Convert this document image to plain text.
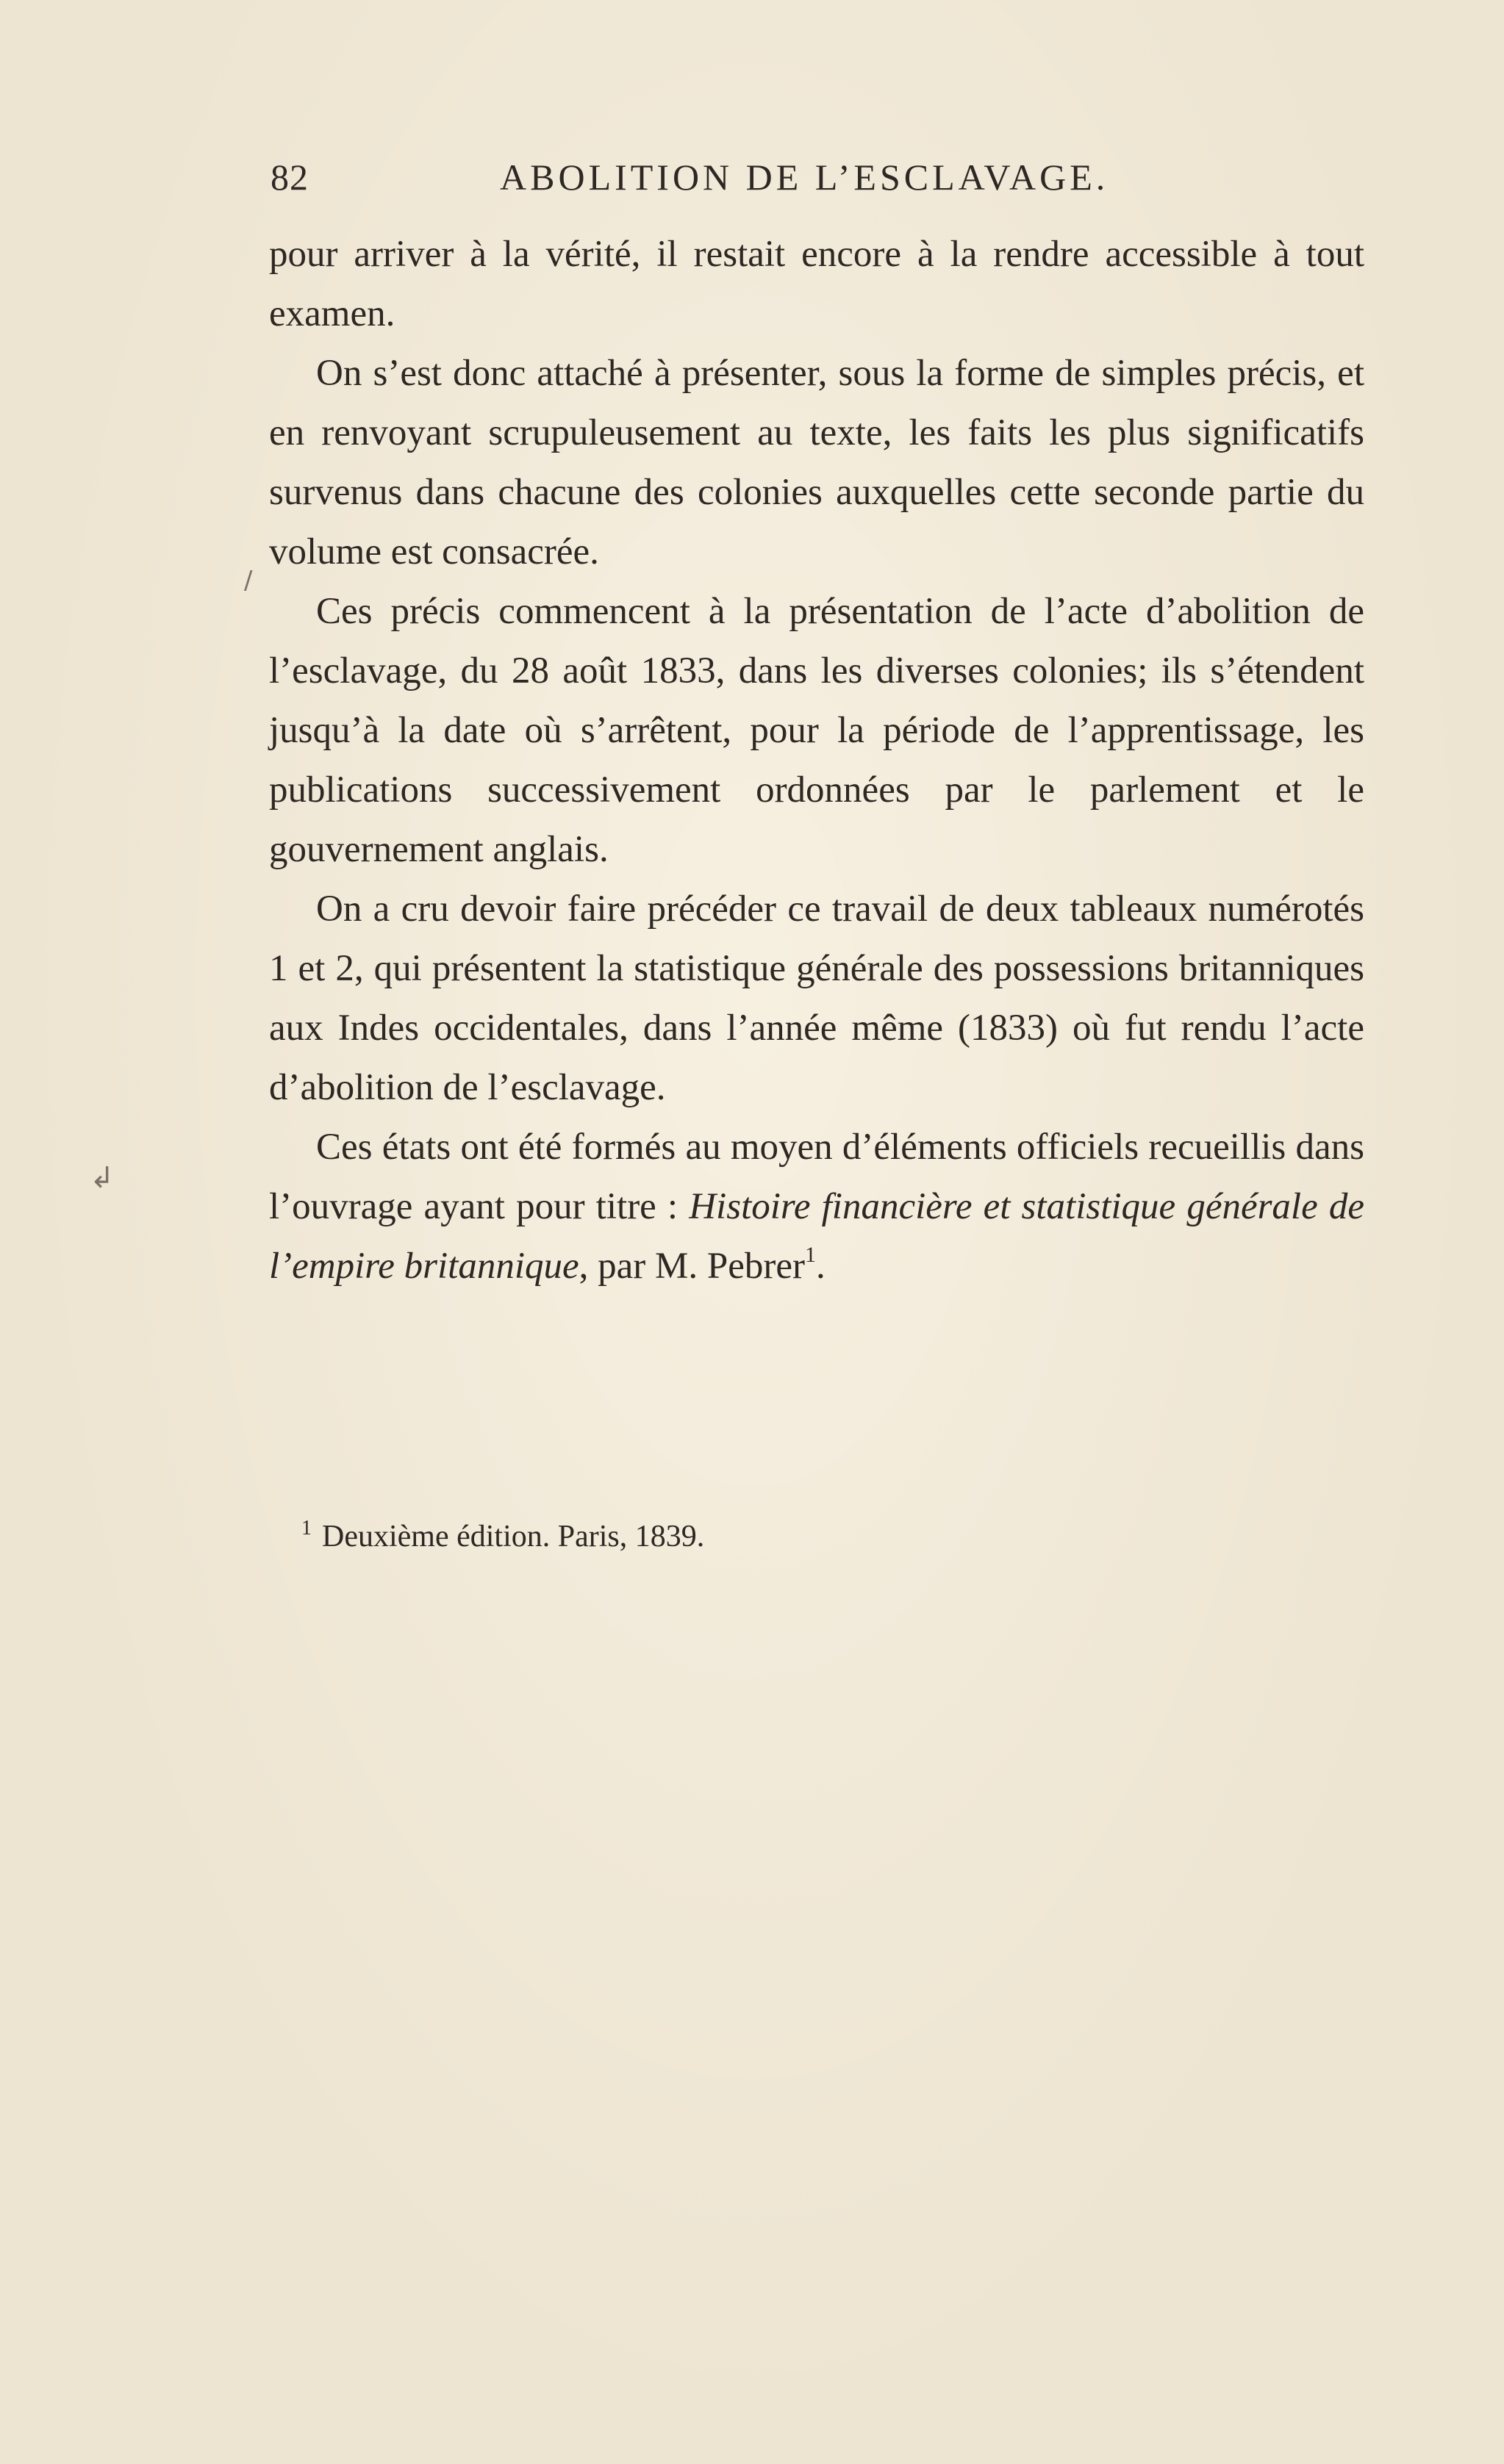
82	ABOLITION DE L’ESCLAVAGE.

pour arriver à la vérité, il restait encore à la rendre accessible à tout examen.

On s’est donc attaché à présenter, sous la forme de simples précis, et en renvoyant scrupuleusement au texte, les faits les plus significatifs survenus dans chacune des colonies auxquelles cette seconde partie du volume est consacrée.

Ces précis commencent à la présentation de l’acte d’abolition de l’esclavage, du 28 août 1833, dans les diverses colonies; ils s’étendent jusqu’à la date où s’arrêtent, pour la période de l’apprentissage, les publications successivement ordonnées par le parlement et le gouvernement anglais.

On a cru devoir faire précéder ce travail de deux tableaux numérotés 1 et 2, qui présentent la statistique générale des possessions britanniques aux Indes occidentales, dans l’année même (1833) où fut rendu l’acte d’abolition de l’esclavage.

Ces états ont été formés au moyen d’éléments officiels recueillis dans l’ouvrage ayant pour titre : Histoire financière et statistique générale de l’empire britannique, par M. Pebrer$^1$.

$^1$ Deuxième édition. Paris, 1839.
/
↲
